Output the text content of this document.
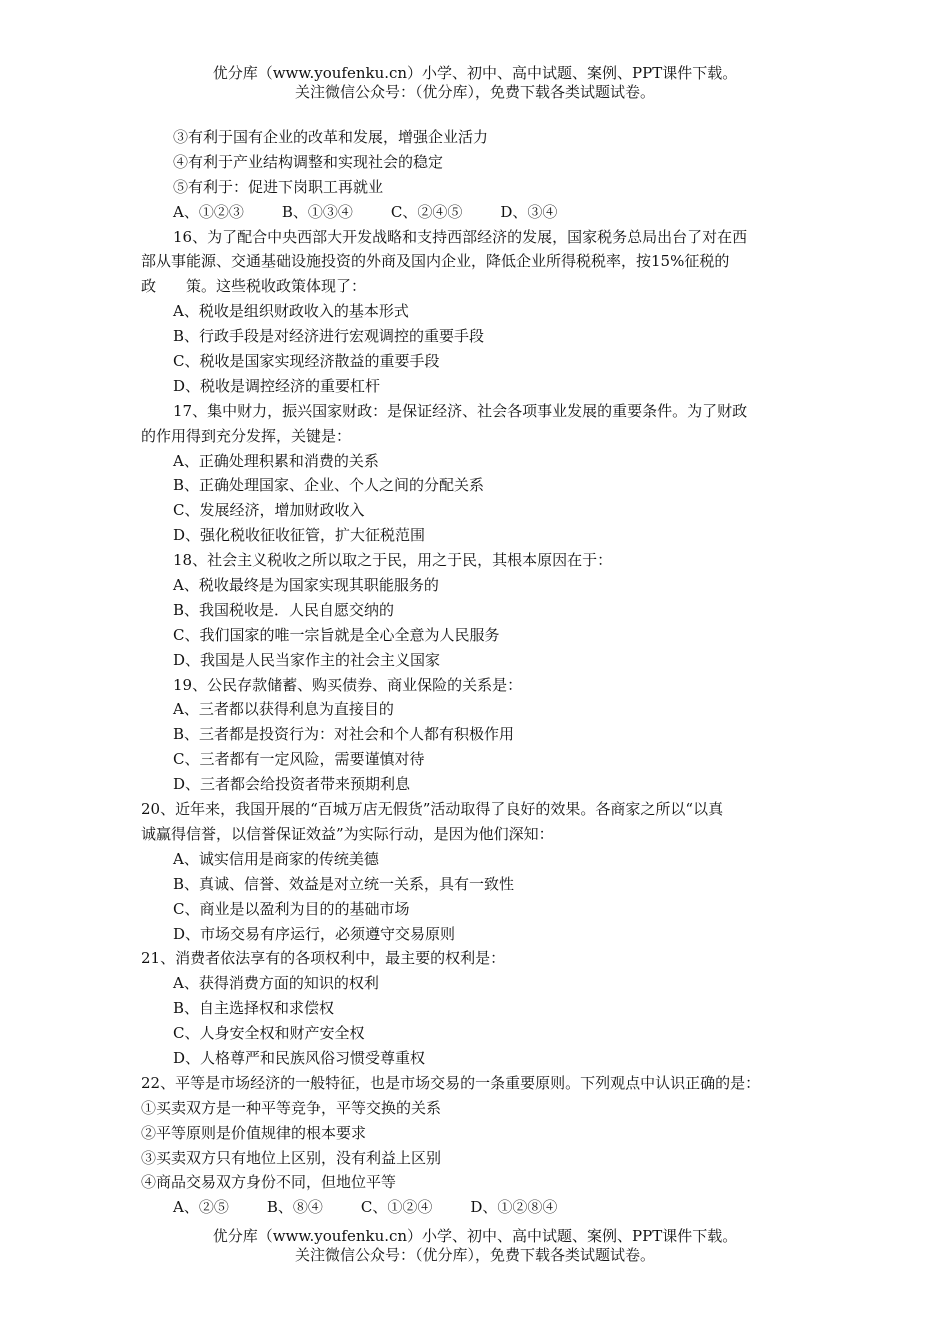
优分库（www.youfenku.cn）小学、初中、高中试题、案例、PPT课件下载。
关注微信公众号：（优分库），免费下载各类试题试卷。
③有利于国有企业的改革和发展，增强企业活力
④有利于产业结构调整和实现社会的稳定
⑤有利于：促进下岗职工再就业
A、①②③	B、①③④	C、②④⑤	D、③④
16、为了配合中央西部大开发战略和支持西部经济的发展，国家税务总局出台了对在西
部从事能源、交通基础设施投资的外商及国内企业，降低企业所得税税率，按15%征税的
政　　策。这些税收政策体现了：
A、税收是组织财政收入的基本形式
B、行政手段是对经济进行宏观调控的重要手段
C、税收是国家实现经济散益的重要手段
D、税收是调控经济的重要杠杆
17、集中财力，振兴国家财政：是保证经济、社会各项事业发展的重要条件。为了财政
的作用得到充分发挥，关键是：
A、正确处理积累和消费的关系
B、正确处理国家、企业、个人之间的分配关系
C、发展经济，增加财政收入
D、强化税收征收征管，扩大征税范围
18、社会主义税收之所以取之于民，用之于民，其根本原因在于：
A、税收最终是为国家实现其职能服务的
B、我国税收是．人民自愿交纳的
C、我们国家的唯一宗旨就是全心全意为人民服务
D、我国是人民当家作主的社会主义国家
19、公民存款储蓄、购买债券、商业保险的关系是：
A、三者都以获得利息为直接目的
B、三者都是投资行为：对社会和个人都有积极作用
C、三者都有一定风险，需要谨慎对待
D、三者都会给投资者带来预期利息
20、近年来，我国开展的“百城万店无假货”活动取得了良好的效果。各商家之所以“以真
诚赢得信誉，以信誉保证效益”为实际行动，是因为他们深知：
A、诚实信用是商家的传统美德
B、真诚、信誉、效益是对立统一关系，具有一致性
C、商业是以盈利为目的的基础市场
D、市场交易有序运行，必须遵守交易原则
21、消费者依法享有的各项权利中，最主要的权利是：
A、获得消费方面的知识的权利
B、自主选择权和求偿权
C、人身安全权和财产安全权
D、人格尊严和民族风俗习惯受尊重权
22、平等是市场经济的一般特征，也是市场交易的一条重要原则。下列观点中认识正确的是：
①买卖双方是一种平等竞争，平等交换的关系
②平等原则是价值规律的根本要求
③买卖双方只有地位上区别，没有利益上区别
④商品交易双方身份不同，但地位平等
A、②⑤	B、⑧④	C、①②④	D、①②⑧④
优分库（www.youfenku.cn）小学、初中、高中试题、案例、PPT课件下载。
关注微信公众号：（优分库），免费下载各类试题试卷。
